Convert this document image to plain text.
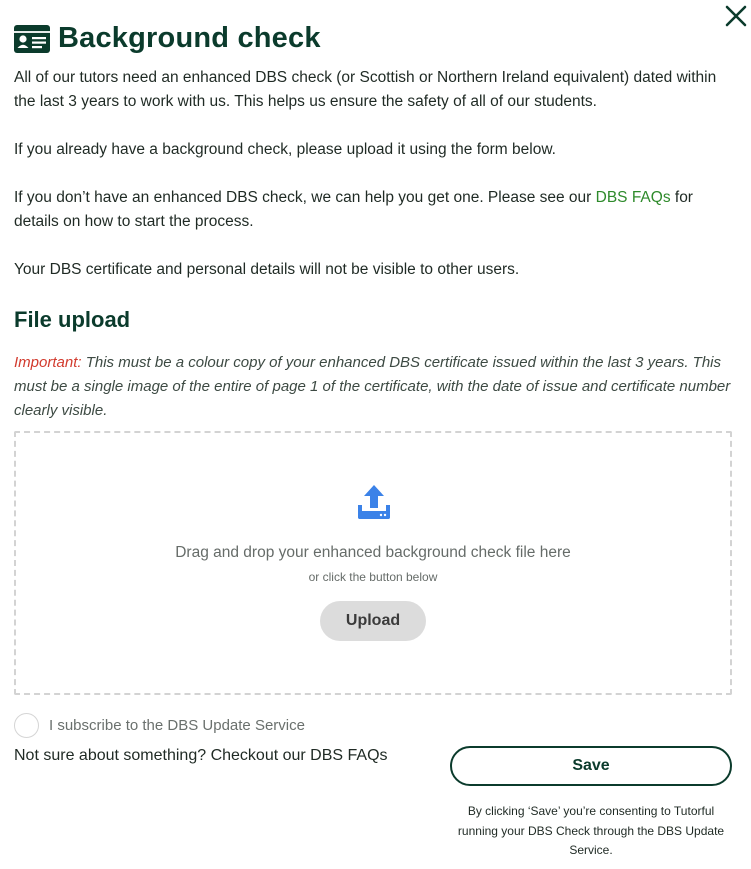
Background check

All of our tutors need an enhanced DBS check (or Scottish or Northern Ireland equivalent) dated within the last 3 years to work with us. This helps us ensure the safety of all of our students.

If you already have a background check, please upload it using the form below.

If you don’t have an enhanced DBS check, we can help you get one. Please see our DBS FAQs for details on how to start the process.

Your DBS certificate and personal details will not be visible to other users.

File upload

Important: This must be a colour copy of your enhanced DBS certificate issued within the last 3 years. This must be a single image of the entire of page 1 of the certificate, with the date of issue and certificate number clearly visible.

Drag and drop your enhanced background check file here
or click the button below
Upload
I subscribe to the DBS Update Service

Not sure about something? Checkout our DBS FAQs

Save

By clicking ‘Save’ you’re consenting to Tutorful running your DBS Check through the DBS Update Service.
